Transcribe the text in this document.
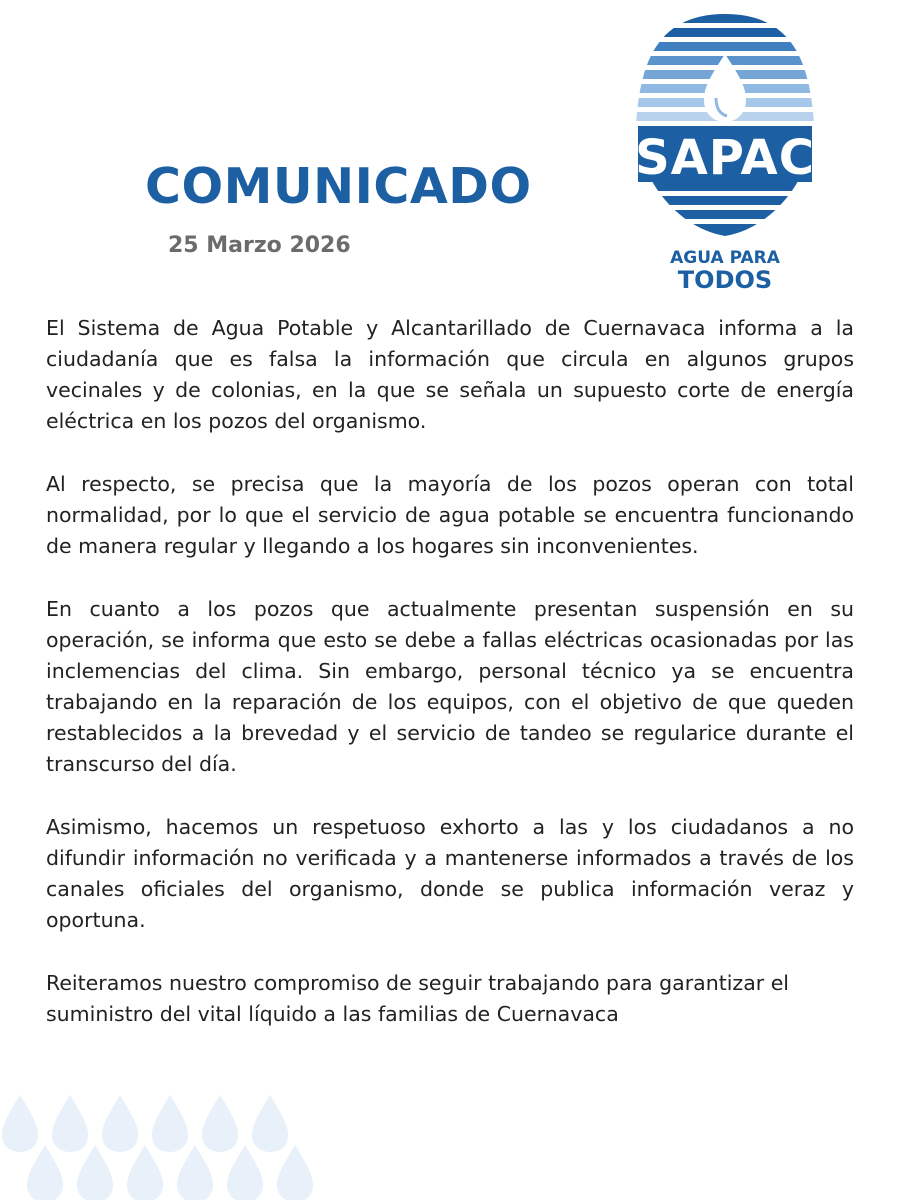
COMUNICADO
25 Marzo 2026
SAPAC
AGUA PARA
TODOS

El Sistema de Agua Potable y Alcantarillado de Cuernavaca informa a la ciudadanía que es falsa la información que circula en algunos grupos vecinales y de colonias, en la que se señala un supuesto corte de energía eléctrica en los pozos del organismo.

Al respecto, se precisa que la mayoría de los pozos operan con total normalidad, por lo que el servicio de agua potable se encuentra funcionando de manera regular y llegando a los hogares sin inconvenientes.

En cuanto a los pozos que actualmente presentan suspensión en su operación, se informa que esto se debe a fallas eléctricas ocasionadas por las inclemencias del clima. Sin embargo, personal técnico ya se encuentra trabajando en la reparación de los equipos, con el objetivo de que queden restablecidos a la brevedad y el servicio de tandeo se regularice durante el transcurso del día.

Asimismo, hacemos un respetuoso exhorto a las y los ciudadanos a no difundir información no verificada y a mantenerse informados a través de los canales oficiales del organismo, donde se publica información veraz y oportuna.

Reiteramos nuestro compromiso de seguir trabajando para garantizar el suministro del vital líquido a las familias de Cuernavaca
